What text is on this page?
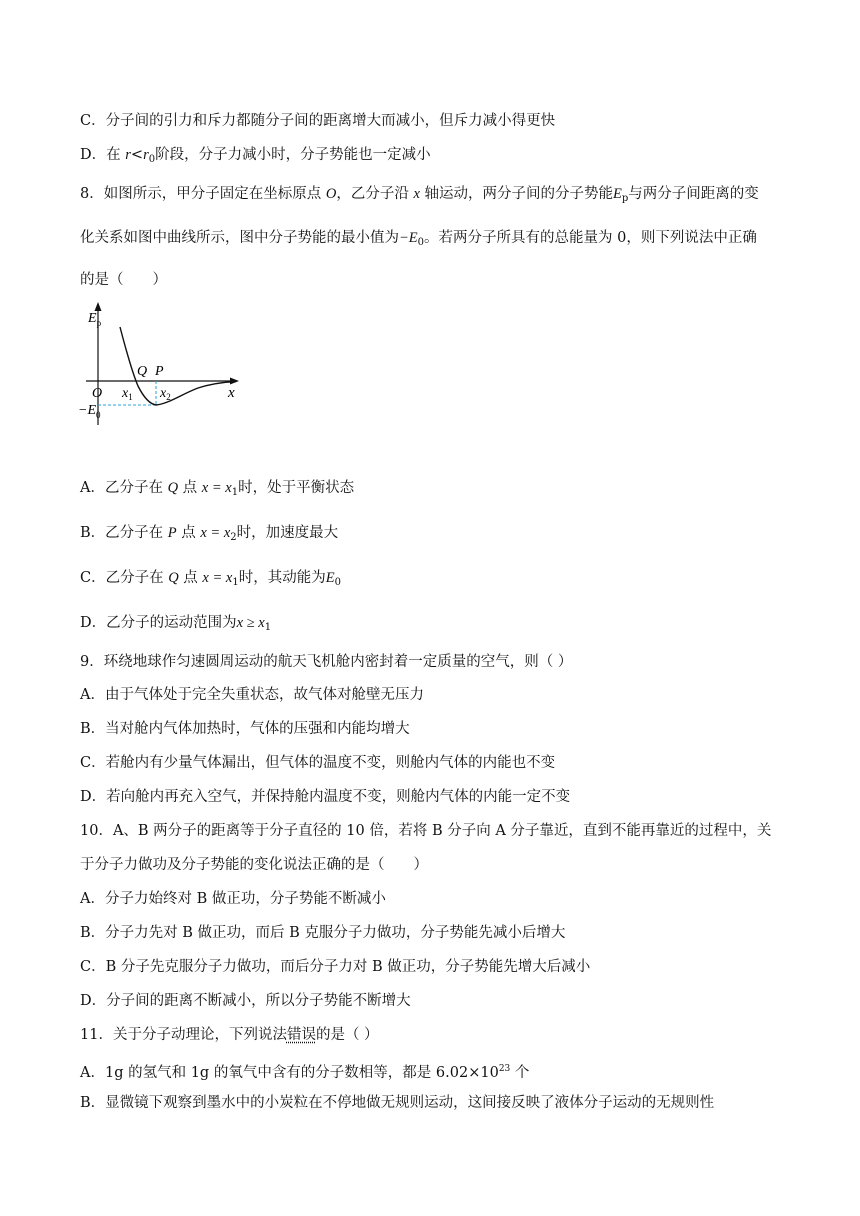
C．分子间的引力和斥力都随分子间的距离增大而减小，但斥力减小得更快
D．在 $r<r_0$阶段，分子力减小时，分子势能也一定减小
8．如图所示，甲分子固定在坐标原点 O，乙分子沿 x 轴运动，两分子间的分子势能$E_p$与两分子间距离的变
化关系如图中曲线所示，图中分子势能的最小值为$-E_0$。若两分子所具有的总能量为 0，则下列说法中正确
的是（　　）
$E_p$
O $x_1$
Q P
$x_2$	x
$-E_0$
A．乙分子在 Q 点 $x = x_1$时，处于平衡状态
B．乙分子在 P 点 $x = x_2$时，加速度最大
C．乙分子在 Q 点 $x = x_1$时，其动能为$E_0$
D．乙分子的运动范围为$x \ge x_1$
9．环绕地球作匀速圆周运动的航天飞机舱内密封着一定质量的空气，则（ ）
A．由于气体处于完全失重状态，故气体对舱壁无压力
B．当对舱内气体加热时，气体的压强和内能均增大
C．若舱内有少量气体漏出，但气体的温度不变，则舱内气体的内能也不变
D．若向舱内再充入空气，并保持舱内温度不变，则舱内气体的内能一定不变
10．A、B 两分子的距离等于分子直径的 10 倍，若将 B 分子向 A 分子靠近，直到不能再靠近的过程中，关
于分子力做功及分子势能的变化说法正确的是（　　）
A．分子力始终对 B 做正功，分子势能不断减小
B．分子力先对 B 做正功，而后 B 克服分子力做功，分子势能先减小后增大
C．B 分子先克服分子力做功，而后分子力对 B 做正功，分子势能先增大后减小
D．分子间的距离不断减小，所以分子势能不断增大
11．关于分子动理论，下列说法错误的是（ ）
A．1g 的氢气和 1g 的氧气中含有的分子数相等，都是 $6.02\times 10^{23}$ 个
B．显微镜下观察到墨水中的小炭粒在不停地做无规则运动，这间接反映了液体分子运动的无规则性
